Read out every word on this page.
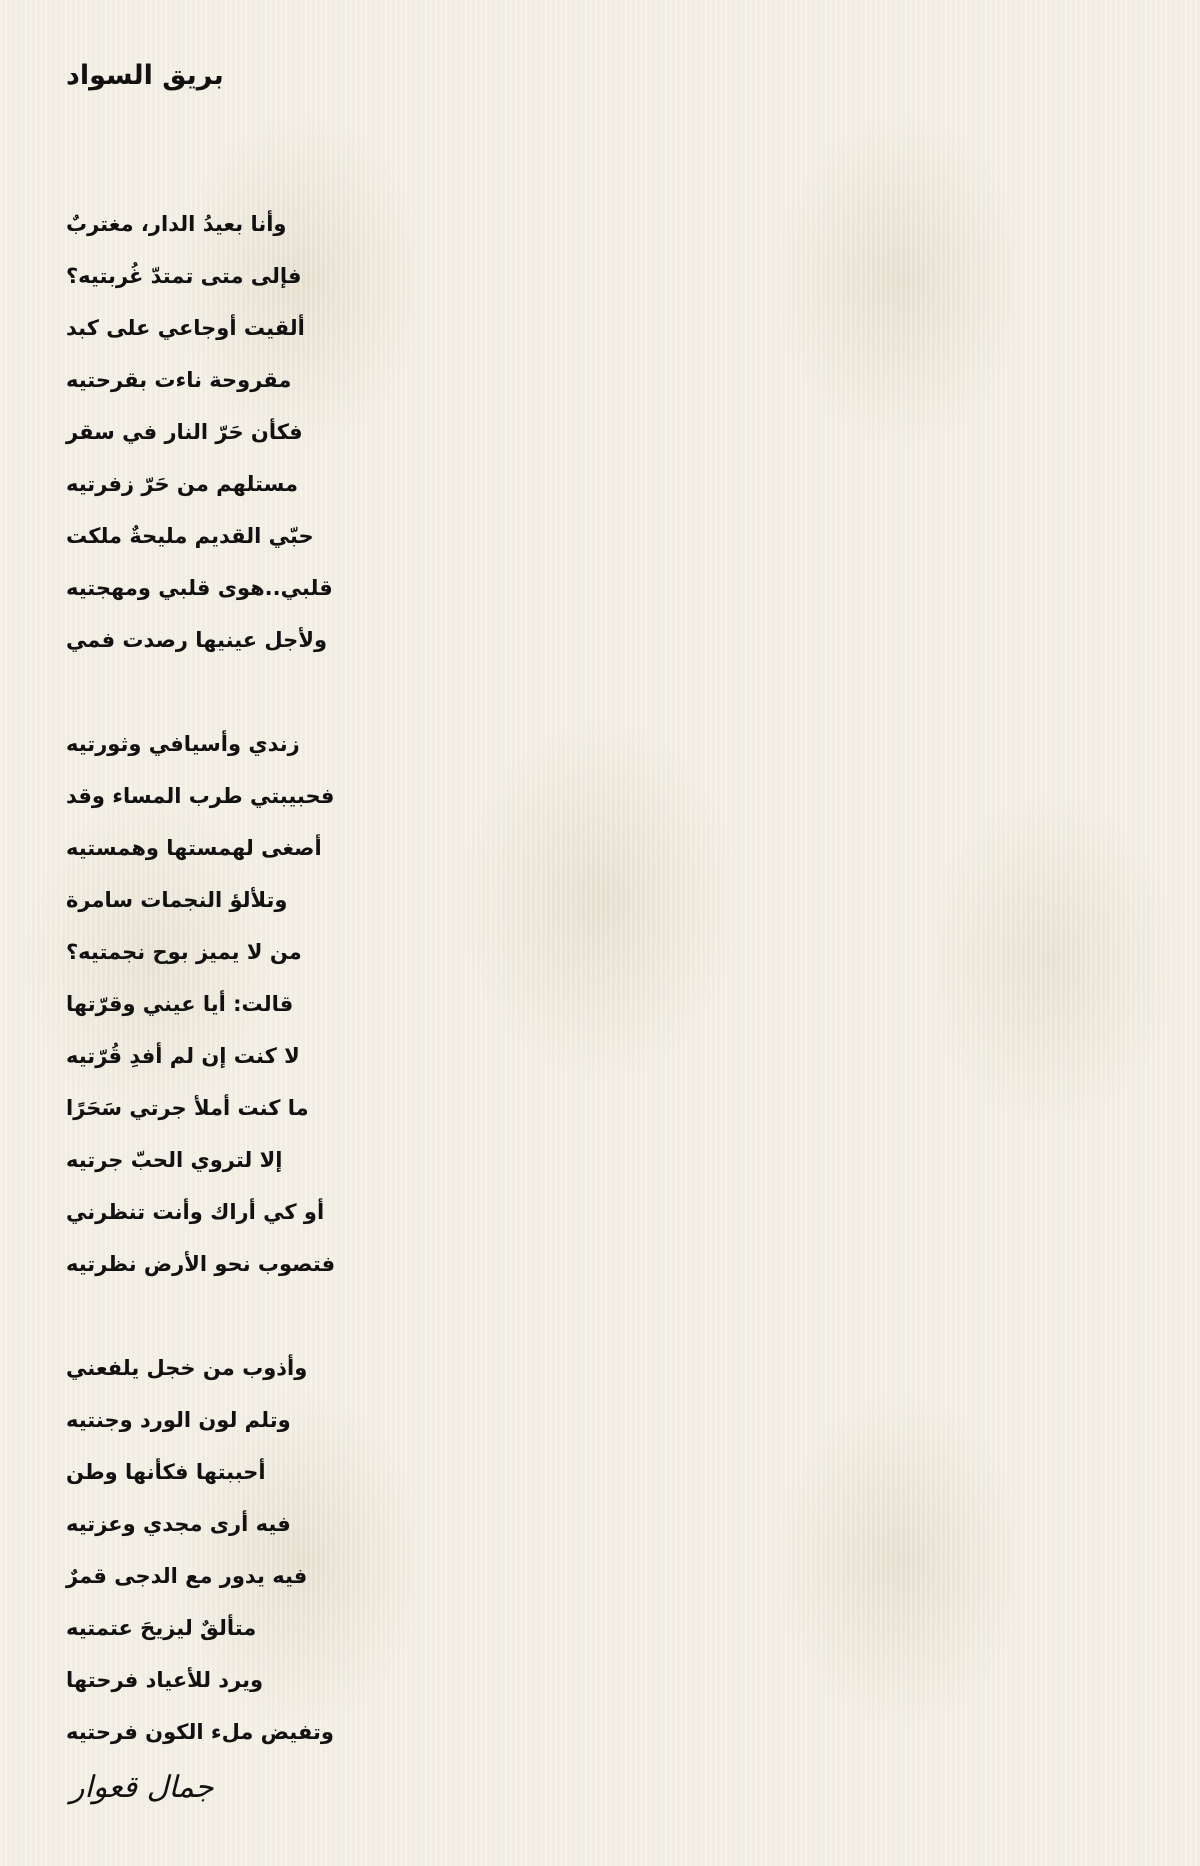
بريق السواد
وأنا بعيدُ الدار، مغتربٌ
فإلى متى تمتدّ غُربتيه؟
ألقيت أوجاعي على كبد
مقروحة ناءت بقرحتيه
فكأن حَرّ النار في سقر
مستلهم من حَرّ زفرتيه
حبّي القديم مليحةٌ ملكت
قلبي..هوى قلبي ومهجتيه
ولأجل عينيها رصدت فمي
زندي وأسيافي وثورتيه
فحبيبتي طرب المساء وقد
أصغى لهمستها وهمستيه
وتلألؤ النجمات سامرة
من لا يميز بوح نجمتيه؟
قالت: أيا عيني وقرّتها
لا كنت إن لم أفدِ قُرّتيه
ما كنت أملأ جرتي سَحَرًا
إلا لتروي الحبّ جرتيه
أو كي أراك وأنت تنظرني
فتصوب نحو الأرض نظرتيه
وأذوب من خجل يلفعني
وتلم لون الورد وجنتيه
أحببتها فكأنها وطن
فيه أرى مجدي وعزتيه
فيه يدور مع الدجى قمرٌ
متألقٌ ليزيحَ عتمتيه
ويرد للأعياد فرحتها
وتفيض ملء الكون فرحتيه
جمال قعوار
